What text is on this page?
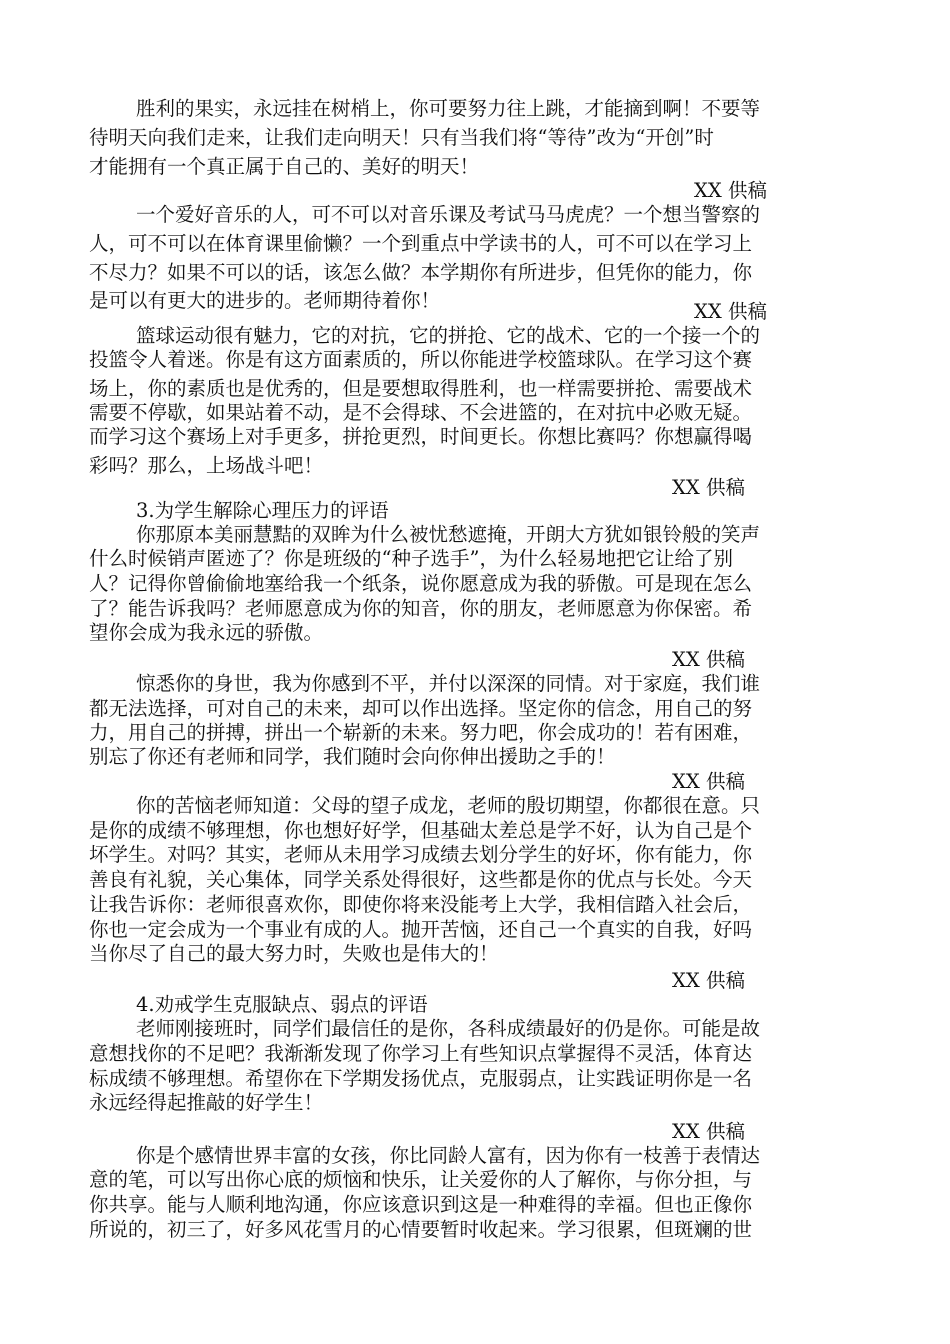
胜利的果实，永远挂在树梢上，你可要努力往上跳，才能摘到啊！不要等
待明天向我们走来，让我们走向明天！只有当我们将“等待”改为“开创”时
才能拥有一个真正属于自己的、美好的明天！
XX 供稿
一个爱好音乐的人，可不可以对音乐课及考试马马虎虎？一个想当警察的
人，可不可以在体育课里偷懒？一个到重点中学读书的人，可不可以在学习上
不尽力？如果不可以的话，该怎么做？本学期你有所进步，但凭你的能力，你
是可以有更大的进步的。老师期待着你！	XX 供稿
篮球运动很有魅力，它的对抗，它的拼抢、它的战术、它的一个接一个的
投篮令人着迷。你是有这方面素质的，所以你能进学校篮球队。在学习这个赛
场上，你的素质也是优秀的，但是要想取得胜利，也一样需要拼抢、需要战术
需要不停歇，如果站着不动，是不会得球、不会进篮的，在对抗中必败无疑。
而学习这个赛场上对手更多，拼抢更烈，时间更长。你想比赛吗？你想赢得喝
彩吗？那么，上场战斗吧！
XX 供稿
3.为学生解除心理压力的评语
你那原本美丽慧黠的双眸为什么被忧愁遮掩，开朗大方犹如银铃般的笑声
什么时候销声匿迹了？你是班级的“种子选手”，为什么轻易地把它让给了别
人？记得你曾偷偷地塞给我一个纸条，说你愿意成为我的骄傲。可是现在怎么
了？能告诉我吗？老师愿意成为你的知音，你的朋友，老师愿意为你保密。希
望你会成为我永远的骄傲。
XX 供稿
惊悉你的身世，我为你感到不平，并付以深深的同情。对于家庭，我们谁
都无法选择，可对自己的未来，却可以作出选择。坚定你的信念，用自己的努
力，用自己的拼搏，拼出一个崭新的未来。努力吧，你会成功的！若有困难，
别忘了你还有老师和同学，我们随时会向你伸出援助之手的！
XX 供稿
你的苦恼老师知道：父母的望子成龙，老师的殷切期望，你都很在意。只
是你的成绩不够理想，你也想好好学，但基础太差总是学不好，认为自己是个
坏学生。对吗？其实，老师从未用学习成绩去划分学生的好坏，你有能力，你
善良有礼貌，关心集体，同学关系处得很好，这些都是你的优点与长处。今天
让我告诉你：老师很喜欢你，即使你将来没能考上大学，我相信踏入社会后，
你也一定会成为一个事业有成的人。抛开苦恼，还自己一个真实的自我，好吗
当你尽了自己的最大努力时，失败也是伟大的！
XX 供稿
4.劝戒学生克服缺点、弱点的评语
老师刚接班时，同学们最信任的是你，各科成绩最好的仍是你。可能是故
意想找你的不足吧？我渐渐发现了你学习上有些知识点掌握得不灵活，体育达
标成绩不够理想。希望你在下学期发扬优点，克服弱点，让实践证明你是一名
永远经得起推敲的好学生！
XX 供稿
你是个感情世界丰富的女孩，你比同龄人富有，因为你有一枝善于表情达
意的笔，可以写出你心底的烦恼和快乐，让关爱你的人了解你，与你分担，与
你共享。能与人顺利地沟通，你应该意识到这是一种难得的幸福。但也正像你
所说的，初三了，好多风花雪月的心情要暂时收起来。学习很累，但斑斓的世
